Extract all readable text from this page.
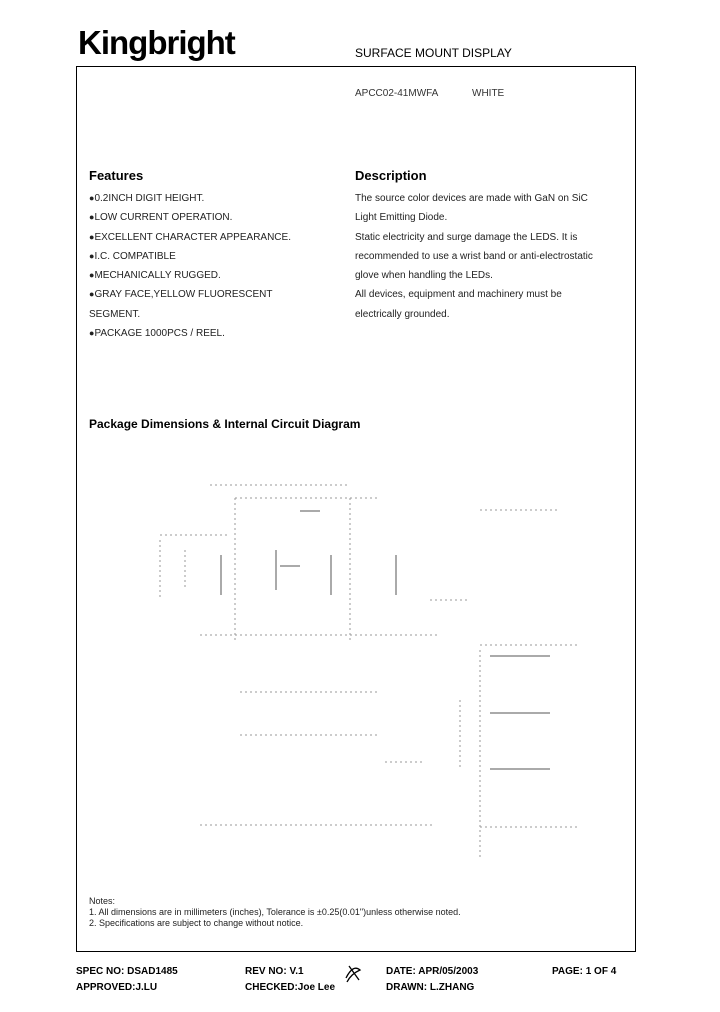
Kingbright	SURFACE MOUNT DISPLAY
APCC02-41MWFA	WHITE
Features
●0.2INCH DIGIT HEIGHT.
●LOW CURRENT OPERATION.
●EXCELLENT CHARACTER APPEARANCE.
●I.C. COMPATIBLE
●MECHANICALLY RUGGED.
●GRAY FACE,YELLOW FLUORESCENT
SEGMENT.
●PACKAGE 1000PCS / REEL.
Description
The source color devices are made with GaN on SiC
Light Emitting Diode.
Static electricity and surge damage the LEDS. It is
recommended to use a wrist band or anti-electrostatic
glove when handling the LEDs.
All devices, equipment and machinery must be
electrically grounded.
Package Dimensions & Internal Circuit Diagram
Notes:
1. All dimensions are in millimeters (inches), Tolerance is ±0.25(0.01")unless otherwise noted.
2. Specifications are subject to change without notice.
SPEC NO: DSAD1485	REV NO: V.1	DATE: APR/05/2003	PAGE: 1 OF 4
APPROVED:J.LU	CHECKED:Joe Lee	DRAWN: L.ZHANG
